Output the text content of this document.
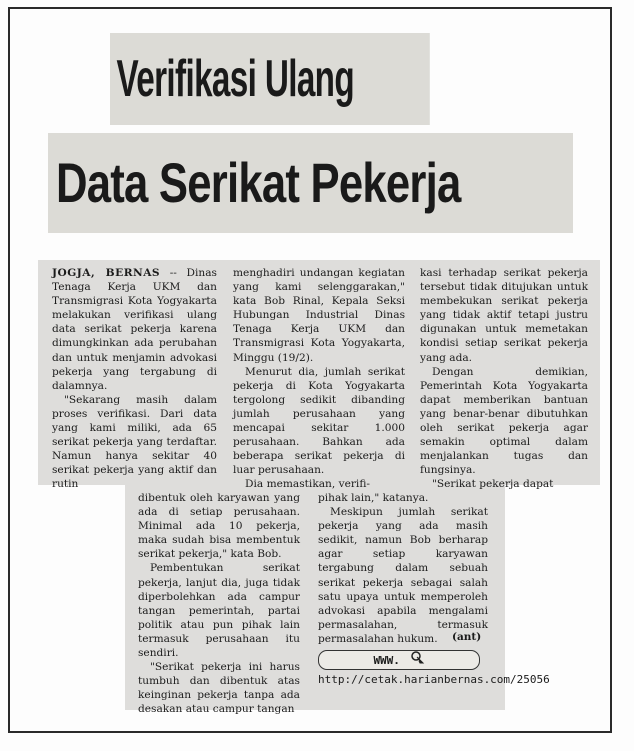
Verifikasi Ulang
Data Serikat Pekerja

JOGJA, BERNAS -- Dinas Tenaga Kerja UKM dan Transmigrasi Kota Yogyakarta melakukan verifikasi ulang data serikat pekerja karena dimungkinkan ada perubahan dan untuk menjamin advokasi pekerja yang tergabung di dalamnya.

"Sekarang masih dalam proses verifikasi. Dari data yang kami miliki, ada 65 serikat pekerja yang terdaftar. Namun hanya sekitar 40 serikat pekerja yang aktif dan rutin

menghadiri undangan kegiatan yang kami selenggarakan," kata Bob Rinal, Kepala Seksi Hubungan Industrial Dinas Tenaga Kerja UKM dan Transmigrasi Kota Yogyakarta, Minggu (19/2).

Menurut dia, jumlah serikat pekerja di Kota Yogyakarta tergolong sedikit dibanding jumlah perusahaan yang mencapai sekitar 1.000 perusahaan. Bahkan ada beberapa serikat pekerja di luar perusahaan.

Dia memastikan, verifi-

kasi terhadap serikat pekerja tersebut tidak ditujukan untuk membekukan serikat pekerja yang tidak aktif tetapi justru digunakan untuk memetakan kondisi setiap serikat pekerja yang ada.

Dengan demikian, Pemerintah Kota Yogyakarta dapat memberikan bantuan yang benar-benar dibutuhkan oleh serikat pekerja agar semakin optimal dalam menjalankan tugas dan fungsinya.

"Serikat pekerja dapat

dibentuk oleh karyawan yang ada di setiap perusahaan. Minimal ada 10 pekerja, maka sudah bisa membentuk serikat pekerja," kata Bob.

Pembentukan serikat pekerja, lanjut dia, juga tidak diperbolehkan ada campur tangan pemerintah, partai politik atau pun pihak lain termasuk perusahaan itu sendiri.

"Serikat pekerja ini harus tumbuh dan dibentuk atas keinginan pekerja tanpa ada desakan atau campur tangan

pihak lain," katanya.

Meskipun jumlah serikat pekerja yang ada masih sedikit, namun Bob berharap agar setiap karyawan tergabung dalam sebuah serikat pekerja sebagai salah satu upaya untuk memperoleh advokasi apabila mengalami permasalahan, termasuk permasalahan hukum.	(ant)
WWW.
http://cetak.harianbernas.com/25056
